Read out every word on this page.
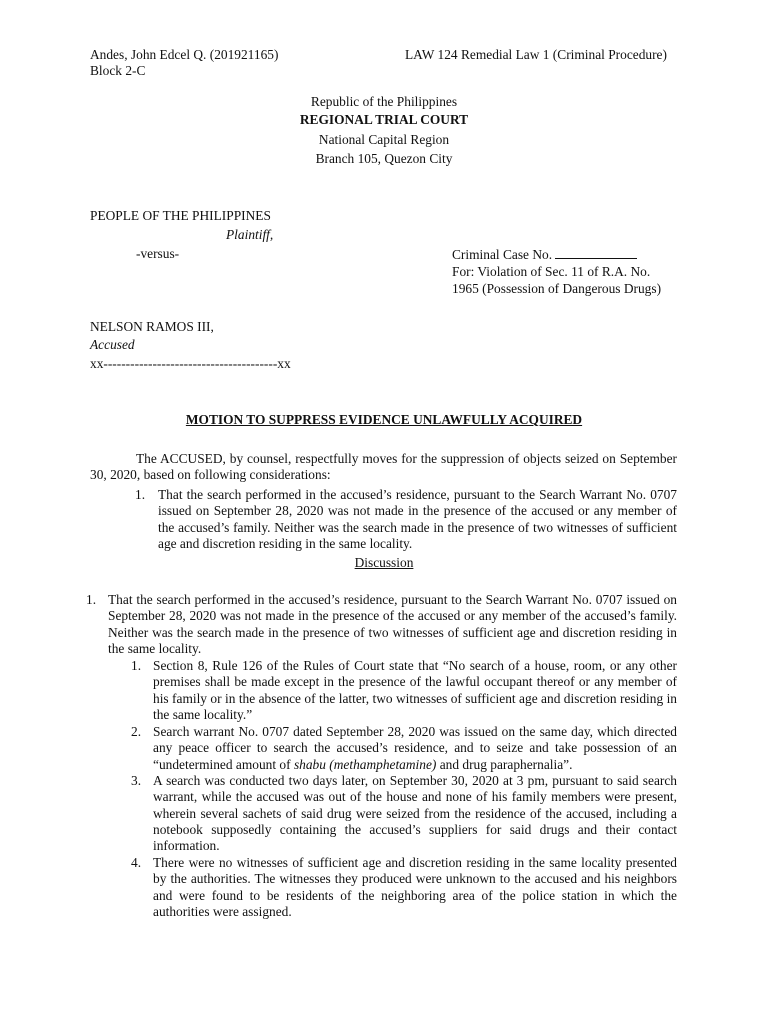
Andes, John Edcel Q. (201921165)
Block 2-C
LAW 124 Remedial Law 1 (Criminal Procedure)
Republic of the Philippines
REGIONAL TRIAL COURT
National Capital Region
Branch 105, Quezon City
PEOPLE OF THE PHILIPPINES
Plaintiff,
-versus-	Criminal Case No.
For: Violation of Sec. 11 of R.A. No.
1965 (Possession of Dangerous Drugs)
NELSON RAMOS III,
Accused
xx---------------------------------------xx
MOTION TO SUPPRESS EVIDENCE UNLAWFULLY ACQUIRED
The ACCUSED, by counsel, respectfully moves for the suppression of objects seized on September 30, 2020, based on following considerations:
1. That the search performed in the accused’s residence, pursuant to the Search Warrant No. 0707 issued on September 28, 2020 was not made in the presence of the accused or any member of the accused’s family. Neither was the search made in the presence of two witnesses of sufficient age and discretion residing in the same locality.
Discussion
1. That the search performed in the accused’s residence, pursuant to the Search Warrant No. 0707 issued on September 28, 2020 was not made in the presence of the accused or any member of the accused’s family. Neither was the search made in the presence of two witnesses of sufficient age and discretion residing in the same locality.
1. Section 8, Rule 126 of the Rules of Court state that “No search of a house, room, or any other premises shall be made except in the presence of the lawful occupant thereof or any member of his family or in the absence of the latter, two witnesses of sufficient age and discretion residing in the same locality.”
2. Search warrant No. 0707 dated September 28, 2020 was issued on the same day, which directed any peace officer to search the accused’s residence, and to seize and take possession of an “undetermined amount of shabu (methamphetamine) and drug paraphernalia”.
3. A search was conducted two days later, on September 30, 2020 at 3 pm, pursuant to said search warrant, while the accused was out of the house and none of his family members were present, wherein several sachets of said drug were seized from the residence of the accused, including a notebook supposedly containing the accused’s suppliers for said drugs and their contact information.
4. There were no witnesses of sufficient age and discretion residing in the same locality presented by the authorities. The witnesses they produced were unknown to the accused and his neighbors and were found to be residents of the neighboring area of the police station in which the authorities were assigned.
